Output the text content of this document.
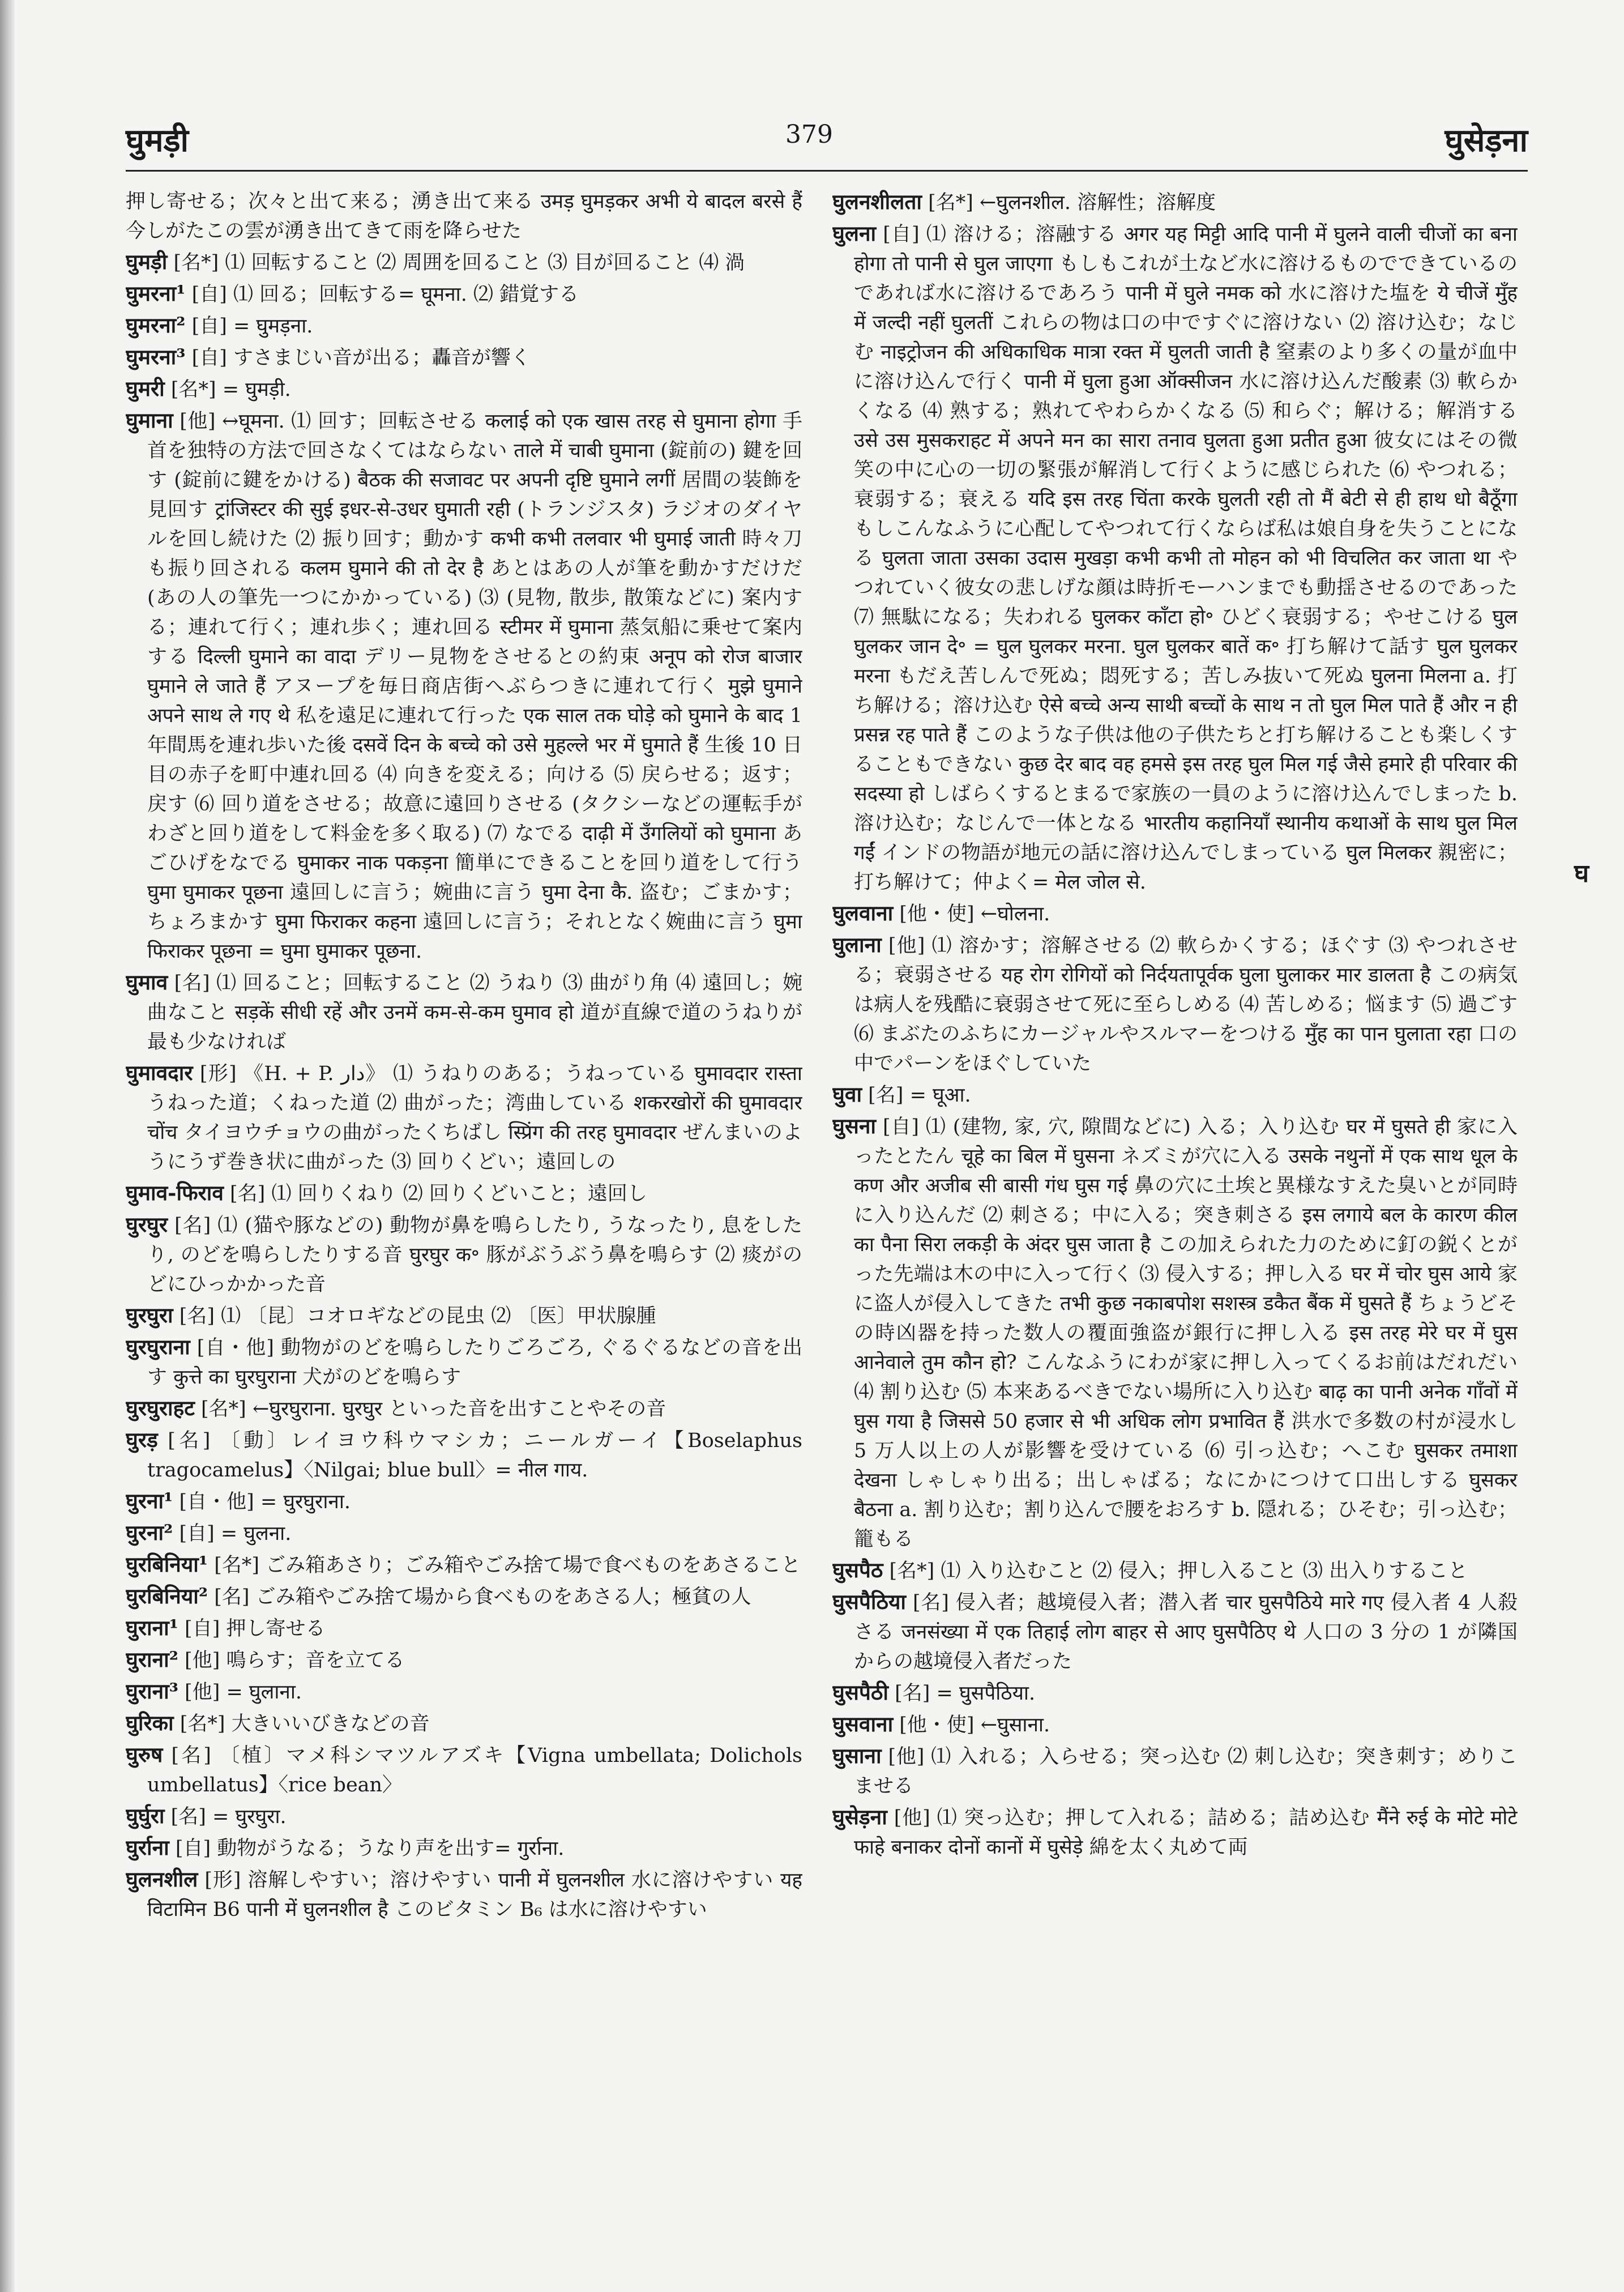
घुमड़ी	379	घुसेड़ना
押し寄せる；次々と出て来る；湧き出て来る उमड़ घुमड़कर अभी ये बादल बरसे हैं 今しがたこの雲が湧き出てきて雨を降らせた
घुमड़ी [名*] ⑴ 回転すること ⑵ 周囲を回ること ⑶ 目が回ること ⑷ 渦
घुमरना¹ [自] ⑴ 回る；回転する= घूमना. ⑵ 錯覚する
घुमरना² [自] = घुमड़ना.
घुमरना³ [自] すさまじい音が出る；轟音が響く
घुमरी [名*] = घुमड़ी.
घुमाना [他] ↔घूमना. ⑴ 回す；回転させる कलाई को एक खास तरह से घुमाना होगा 手首を独特の方法で回さなくてはならない ताले में चाबी घुमाना (錠前の) 鍵を回す (錠前に鍵をかける) बैठक की सजावट पर अपनी दृष्टि घुमाने लगीं 居間の装飾を見回す ट्रांजिस्टर की सुई इधर-से-उधर घुमाती रही (トランジスタ) ラジオのダイヤルを回し続けた ⑵ 振り回す；動かす कभी कभी तलवार भी घुमाई जाती 時々刀も振り回される कलम घुमाने की तो देर है あとはあの人が筆を動かすだけだ (あの人の筆先一つにかかっている) ⑶ (見物, 散歩, 散策などに) 案内する；連れて行く；連れ歩く；連れ回る स्टीमर में घुमाना 蒸気船に乗せて案内する दिल्ली घुमाने का वादा デリー見物をさせるとの約束 अनूप को रोज बाजार घुमाने ले जाते हैं アヌープを毎日商店街へぶらつきに連れて行く मुझे घुमाने अपने साथ ले गए थे 私を遠足に連れて行った एक साल तक घोड़े को घुमाने के बाद 1 年間馬を連れ歩いた後 दसवें दिन के बच्चे को उसे मुहल्ले भर में घुमाते हैं 生後 10 日目の赤子を町中連れ回る ⑷ 向きを変える；向ける ⑸ 戻らせる；返す；戻す ⑹ 回り道をさせる；故意に遠回りさせる (タクシーなどの運転手がわざと回り道をして料金を多く取る) ⑺ なでる दाढ़ी में उँगलियों को घुमाना あごひげをなでる घुमाकर नाक पकड़ना 簡単にできることを回り道をして行う घुमा घुमाकर पूछना 遠回しに言う；婉曲に言う घुमा देना कै. 盗む；ごまかす；ちょろまかす घुमा फिराकर कहना 遠回しに言う；それとなく婉曲に言う घुमा फिराकर पूछना = घुमा घुमाकर पूछना.
घुमाव [名] ⑴ 回ること；回転すること ⑵ うねり ⑶ 曲がり角 ⑷ 遠回し；婉曲なこと सड़कें सीधी रहें और उनमें कम-से-कम घुमाव हो 道が直線で道のうねりが最も少なければ
घुमावदार [形] 《H. + P. دار》 ⑴ うねりのある；うねっている घुमावदार रास्ता うねった道；くねった道 ⑵ 曲がった；湾曲している शकरखोरों की घुमावदार चोंच タイヨウチョウの曲がったくちばし स्प्रिंग की तरह घुमावदार ぜんまいのようにうず巻き状に曲がった ⑶ 回りくどい；遠回しの
घुमाव-फिराव [名] ⑴ 回りくねり ⑵ 回りくどいこと；遠回し
घुरघुर [名] ⑴ (猫や豚などの) 動物が鼻を鳴らしたり, うなったり, 息をしたり, のどを鳴らしたりする音 घुरघुर क॰ 豚がぶうぶう鼻を鳴らす ⑵ 痰がのどにひっかかった音
घुरघुरा [名] ⑴ 〔昆〕コオロギなどの昆虫 ⑵ 〔医〕甲状腺腫
घुरघुराना [自・他] 動物がのどを鳴らしたりごろごろ, ぐるぐるなどの音を出す कुत्ते का घुरघुराना 犬がのどを鳴らす
घुरघुराहट [名*] ←घुरघुराना. घुरघुर といった音を出すことやその音
घुरड़ [名] 〔動〕レイヨウ科ウマシカ；ニールガーイ【Boselaphus tragocamelus】〈Nilgai; blue bull〉= नील गाय.
घुरना¹ [自・他] = घुरघुराना.
घुरना² [自] = घुलना.
घुरबिनिया¹ [名*] ごみ箱あさり；ごみ箱やごみ捨て場で食べものをあさること
घुरबिनिया² [名] ごみ箱やごみ捨て場から食べものをあさる人；極貧の人
घुराना¹ [自] 押し寄せる
घुराना² [他] 鳴らす；音を立てる
घुराना³ [他] = घुलाना.
घुरिका [名*] 大きいいびきなどの音
घुरुष [名] 〔植〕マメ科シマツルアズキ【Vigna umbellata; Dolichols umbellatus】〈rice bean〉
घुर्घुरा [名] = घुरघुरा.
घुर्राना [自] 動物がうなる；うなり声を出す= गुर्राना.
घुलनशील [形] 溶解しやすい；溶けやすい पानी में घुलनशील 水に溶けやすい यह विटामिन B6 पानी में घुलनशील है このビタミン B₆ は水に溶けやすい
घुलनशीलता [名*] ←घुलनशील. 溶解性；溶解度
घुलना [自] ⑴ 溶ける；溶融する अगर यह मिट्टी आदि पानी में घुलने वाली चीजों का बना होगा तो पानी से घुल जाएगा もしもこれが土など水に溶けるものでできているのであれば水に溶けるであろう पानी में घुले नमक को 水に溶けた塩を ये चीजें मुँह में जल्दी नहीं घुलतीं これらの物は口の中ですぐに溶けない ⑵ 溶け込む；なじむ नाइट्रोजन की अधिकाधिक मात्रा रक्त में घुलती जाती है 窒素のより多くの量が血中に溶け込んで行く पानी में घुला हुआ ऑक्सीजन 水に溶け込んだ酸素 ⑶ 軟らかくなる ⑷ 熟する；熟れてやわらかくなる ⑸ 和らぐ；解ける；解消する उसे उस मुसकराहट में अपने मन का सारा तनाव घुलता हुआ प्रतीत हुआ 彼女にはその微笑の中に心の一切の緊張が解消して行くように感じられた ⑹ やつれる；衰弱する；衰える यदि इस तरह चिंता करके घुलती रही तो मैं बेटी से ही हाथ धो बैठूँगा もしこんなふうに心配してやつれて行くならば私は娘自身を失うことになる घुलता जाता उसका उदास मुखड़ा कभी कभी तो मोहन को भी विचलित कर जाता था やつれていく彼女の悲しげな顔は時折モーハンまでも動揺させるのであった ⑺ 無駄になる；失われる घुलकर काँटा हो॰ ひどく衰弱する；やせこける घुल घुलकर जान दे॰ = घुल घुलकर मरना. घुल घुलकर बातें क॰ 打ち解けて話す घुल घुलकर मरना もだえ苦しんで死ぬ；悶死する；苦しみ抜いて死ぬ घुलना मिलना a. 打ち解ける；溶け込む ऐसे बच्चे अन्य साथी बच्चों के साथ न तो घुल मिल पाते हैं और न ही प्रसन्न रह पाते हैं このような子供は他の子供たちと打ち解けることも楽しくすることもできない कुछ देर बाद वह हमसे इस तरह घुल मिल गई जैसे हमारे ही परिवार की सदस्या हो しばらくするとまるで家族の一員のように溶け込んでしまった b. 溶け込む；なじんで一体となる भारतीय कहानियाँ स्थानीय कथाओं के साथ घुल मिल गईं インドの物語が地元の話に溶け込んでしまっている घुल मिलकर 親密に；打ち解けて；仲よく= मेल जोल से.
घुलवाना [他・使] ←घोलना.
घुलाना [他] ⑴ 溶かす；溶解させる ⑵ 軟らかくする；ほぐす ⑶ やつれさせる；衰弱させる यह रोग रोगियों को निर्दयतापूर्वक घुला घुलाकर मार डालता है この病気は病人を残酷に衰弱させて死に至らしめる ⑷ 苦しめる；悩ます ⑸ 過ごす ⑹ まぶたのふちにカージャルやスルマーをつける मुँह का पान घुलाता रहा 口の中でパーンをほぐしていた
घुवा [名] = घूआ.
घुसना [自] ⑴ (建物, 家, 穴, 隙間などに) 入る；入り込む घर में घुसते ही 家に入ったとたん चूहे का बिल में घुसना ネズミが穴に入る उसके नथुनों में एक साथ धूल के कण और अजीब सी बासी गंध घुस गई 鼻の穴に土埃と異様なすえた臭いとが同時に入り込んだ ⑵ 刺さる；中に入る；突き刺さる इस लगाये बल के कारण कील का पैना सिरा लकड़ी के अंदर घुस जाता है この加えられた力のために釘の鋭くとがった先端は木の中に入って行く ⑶ 侵入する；押し入る घर में चोर घुस आये 家に盗人が侵入してきた तभी कुछ नकाबपोश सशस्त्र डकैत बैंक में घुसते हैं ちょうどその時凶器を持った数人の覆面強盗が銀行に押し入る इस तरह मेरे घर में घुस आनेवाले तुम कौन हो? こんなふうにわが家に押し入ってくるお前はだれだい ⑷ 割り込む ⑸ 本来あるべきでない場所に入り込む बाढ़ का पानी अनेक गाँवों में घुस गया है जिससे 50 हजार से भी अधिक लोग प्रभावित हैं 洪水で多数の村が浸水し 5 万人以上の人が影響を受けている ⑹ 引っ込む；へこむ घुसकर तमाशा देखना しゃしゃり出る；出しゃばる；なにかにつけて口出しする घुसकर बैठना a. 割り込む；割り込んで腰をおろす b. 隠れる；ひそむ；引っ込む；籠もる
घुसपैठ [名*] ⑴ 入り込むこと ⑵ 侵入；押し入ること ⑶ 出入りすること
घुसपैठिया [名] 侵入者；越境侵入者；潜入者 चार घुसपैठिये मारे गए 侵入者 4 人殺さる जनसंख्या में एक तिहाई लोग बाहर से आए घुसपैठिए थे 人口の 3 分の 1 が隣国からの越境侵入者だった
घुसपैठी [名] = घुसपैठिया.
घुसवाना [他・使] ←घुसाना.
घुसाना [他] ⑴ 入れる；入らせる；突っ込む ⑵ 刺し込む；突き刺す；めりこませる
घुसेड़ना [他] ⑴ 突っ込む；押して入れる；詰める；詰め込む मैंने रुई के मोटे मोटे फाहे बनाकर दोनों कानों में घुसेड़े 綿を太く丸めて両
घ
